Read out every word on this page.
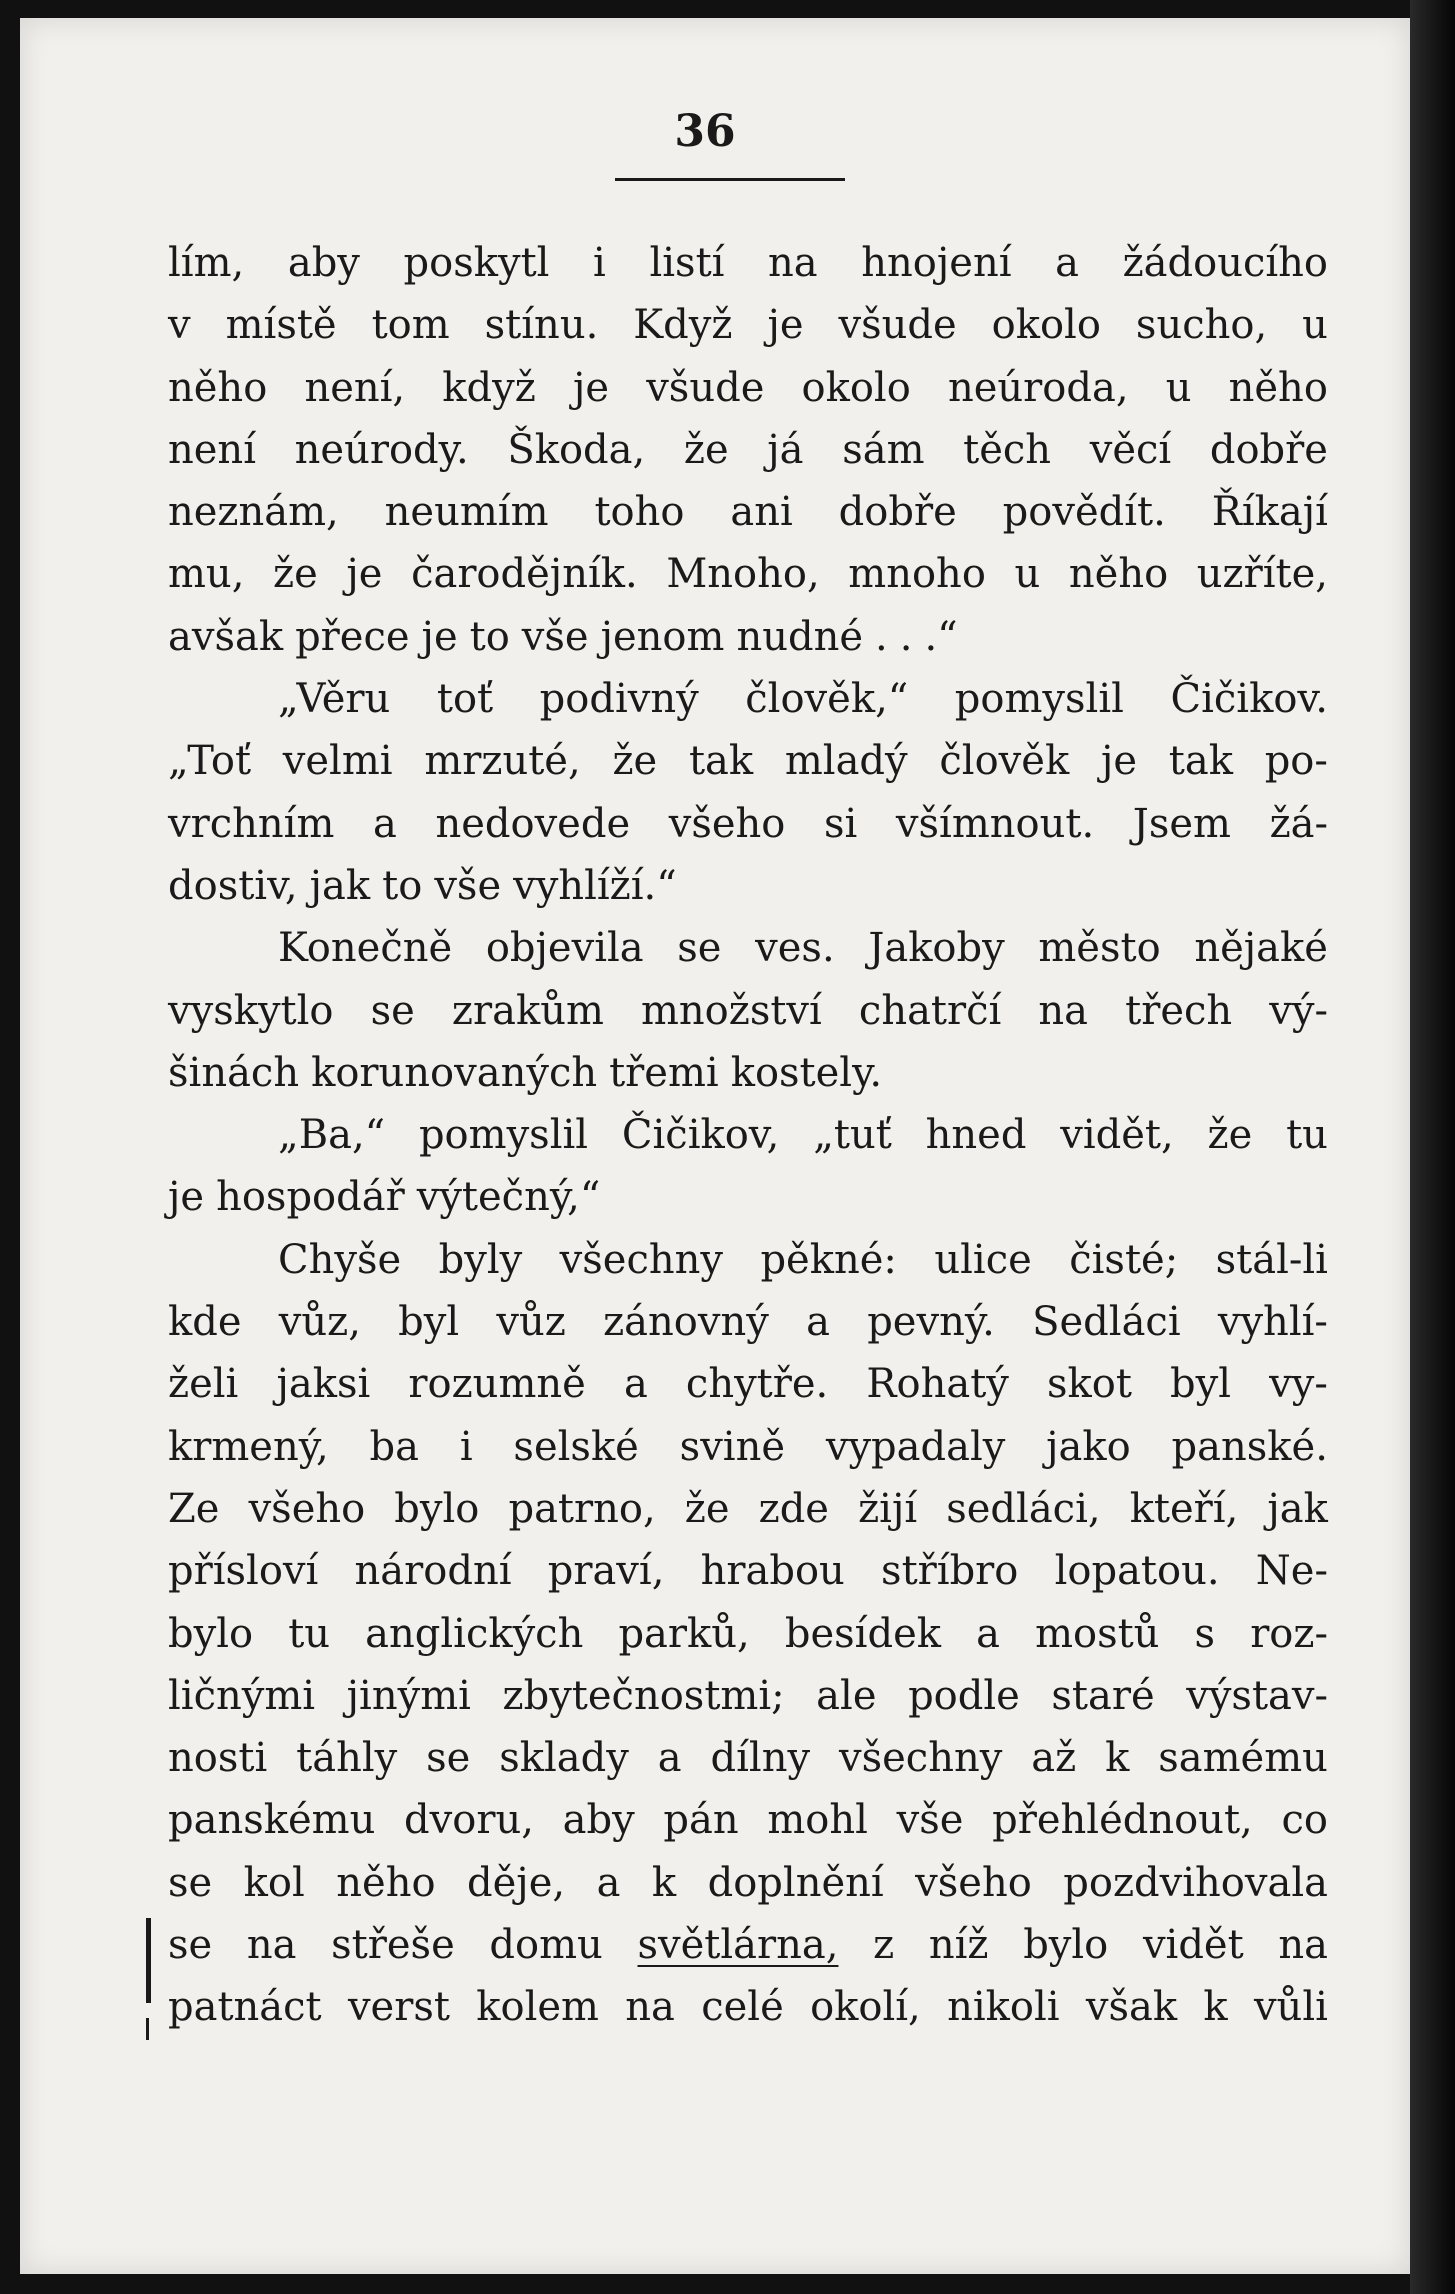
36
lím, aby poskytl i listí na hnojení a žádoucího
v místě tom stínu. Když je všude okolo sucho, u
něho není, když je všude okolo neúroda, u něho
není neúrody. Škoda, že já sám těch věcí dobře
neznám, neumím toho ani dobře povědít. Říkají
mu, že je čarodějník. Mnoho, mnoho u něho uzříte,
avšak přece je to vše jenom nudné . . .“
„Věru toť podivný člověk,“ pomyslil Čičikov.
„Toť velmi mrzuté, že tak mladý člověk je tak po-
vrchním a nedovede všeho si všímnout. Jsem žá-
dostiv, jak to vše vyhlíží.“
Konečně objevila se ves. Jakoby město nějaké
vyskytlo se zrakům množství chatrčí na třech vý-
šinách korunovaných třemi kostely.
„Ba,“ pomyslil Čičikov, „tuť hned vidět, že tu
je hospodář výtečný,“
Chyše byly všechny pěkné: ulice čisté; stál-li
kde vůz, byl vůz zánovný a pevný. Sedláci vyhlí-
želi jaksi rozumně a chytře. Rohatý skot byl vy-
krmený, ba i selské svině vypadaly jako panské.
Ze všeho bylo patrno, že zde žijí sedláci, kteří, jak
přísloví národní praví, hrabou stříbro lopatou. Ne-
bylo tu anglických parků, besídek a mostů s roz-
ličnými jinými zbytečnostmi; ale podle staré výstav-
nosti táhly se sklady a dílny všechny až k samému
panskému dvoru, aby pán mohl vše přehlédnout, co
se kol něho děje, a k doplnění všeho pozdvihovala
se na střeše domu světlárna, z níž bylo vidět na
patnáct verst kolem na celé okolí, nikoli však k vůli
